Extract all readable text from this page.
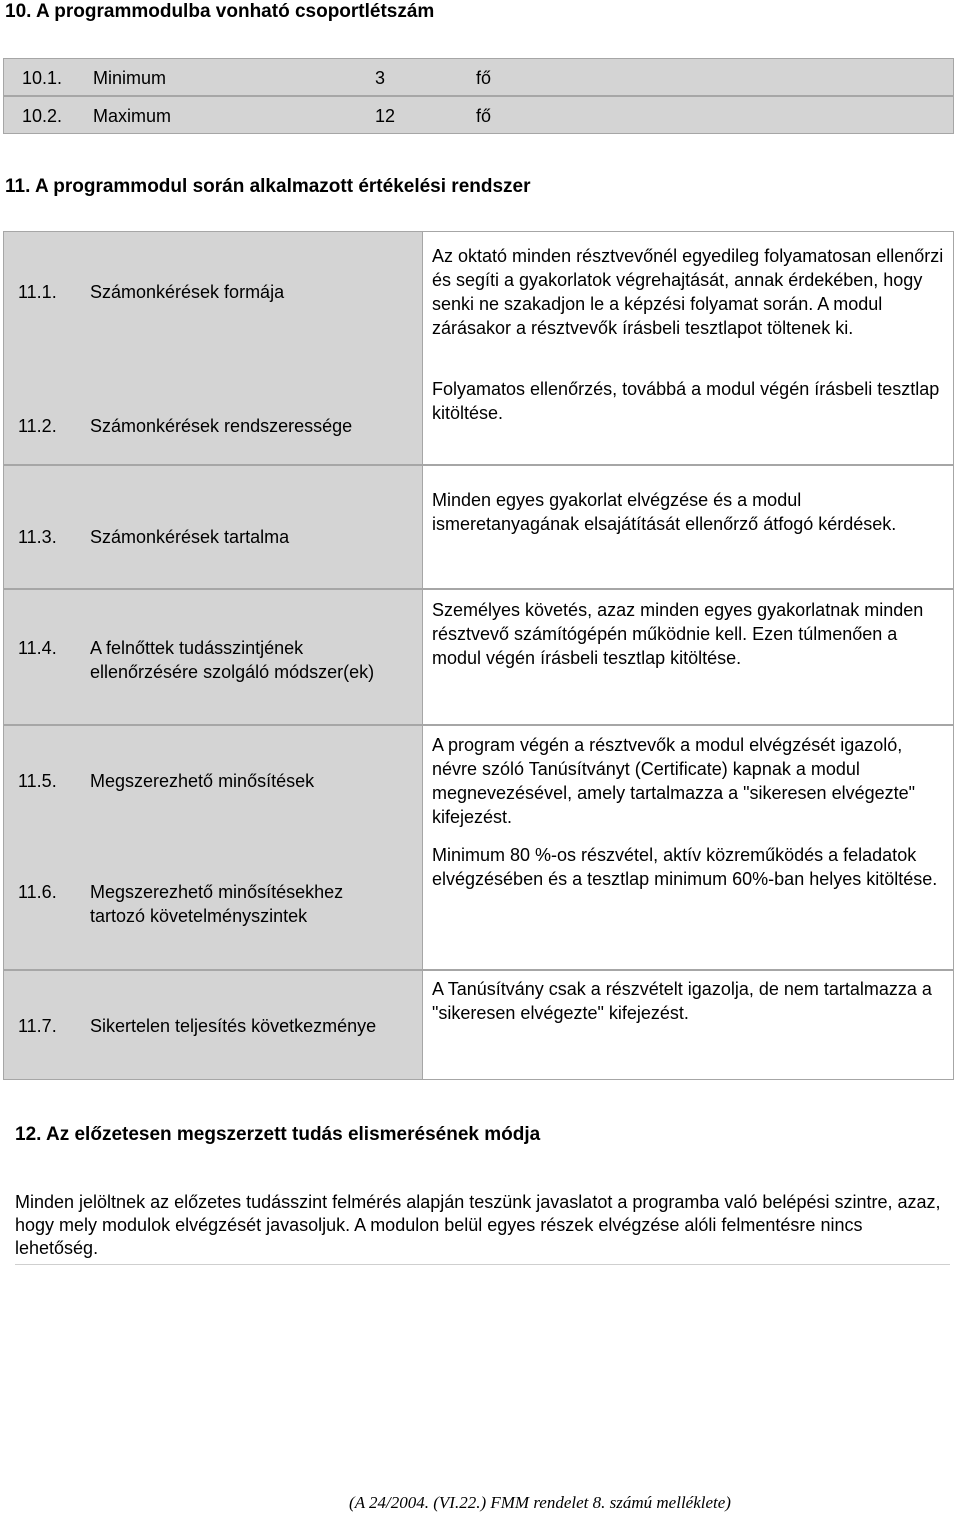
10. A programmodulba vonható csoportlétszám
10.1. Minimum	3	fő
10.2. Maximum	12	fő
11. A programmodul során alkalmazott értékelési rendszer
11.1. Számonkérések formája
Az oktató minden résztvevőnél egyedileg folyamatosan ellenőrzi és segíti a gyakorlatok végrehajtását, annak érdekében, hogy senki ne szakadjon le a képzési folyamat során. A modul zárásakor a résztvevők írásbeli tesztlapot töltenek ki.
11.2. Számonkérések rendszeressége
Folyamatos ellenőrzés, továbbá a modul végén írásbeli tesztlap kitöltése.
11.3. Számonkérések tartalma
Minden egyes gyakorlat elvégzése és a modul ismeretanyagának elsajátítását ellenőrző átfogó kérdések.
11.4. A felnőttek tudásszintjének ellenőrzésére szolgáló módszer(ek)
Személyes követés, azaz minden egyes gyakorlatnak minden résztvevő számítógépén működnie kell. Ezen túlmenően a modul végén írásbeli tesztlap kitöltése.
11.5. Megszerezhető minősítések
A program végén a résztvevők a modul elvégzését igazoló, névre szóló Tanúsítványt (Certificate) kapnak a modul megnevezésével, amely tartalmazza a "sikeresen elvégezte" kifejezést.
11.6. Megszerezhető minősítésekhez tartozó követelményszintek
Minimum 80 %-os részvétel, aktív közreműködés a feladatok elvégzésében és a tesztlap minimum 60%-ban helyes kitöltése.
11.7. Sikertelen teljesítés következménye
A Tanúsítvány csak a részvételt igazolja, de nem tartalmazza a "sikeresen elvégezte" kifejezést.
12. Az előzetesen megszerzett tudás elismerésének módja
Minden jelöltnek az előzetes tudásszint felmérés alapján teszünk javaslatot a programba való belépési szintre, azaz, hogy mely modulok elvégzését javasoljuk. A modulon belül egyes részek elvégzése alóli felmentésre nincs lehetőség.
(A 24/2004. (VI.22.) FMM rendelet 8. számú melléklete)
